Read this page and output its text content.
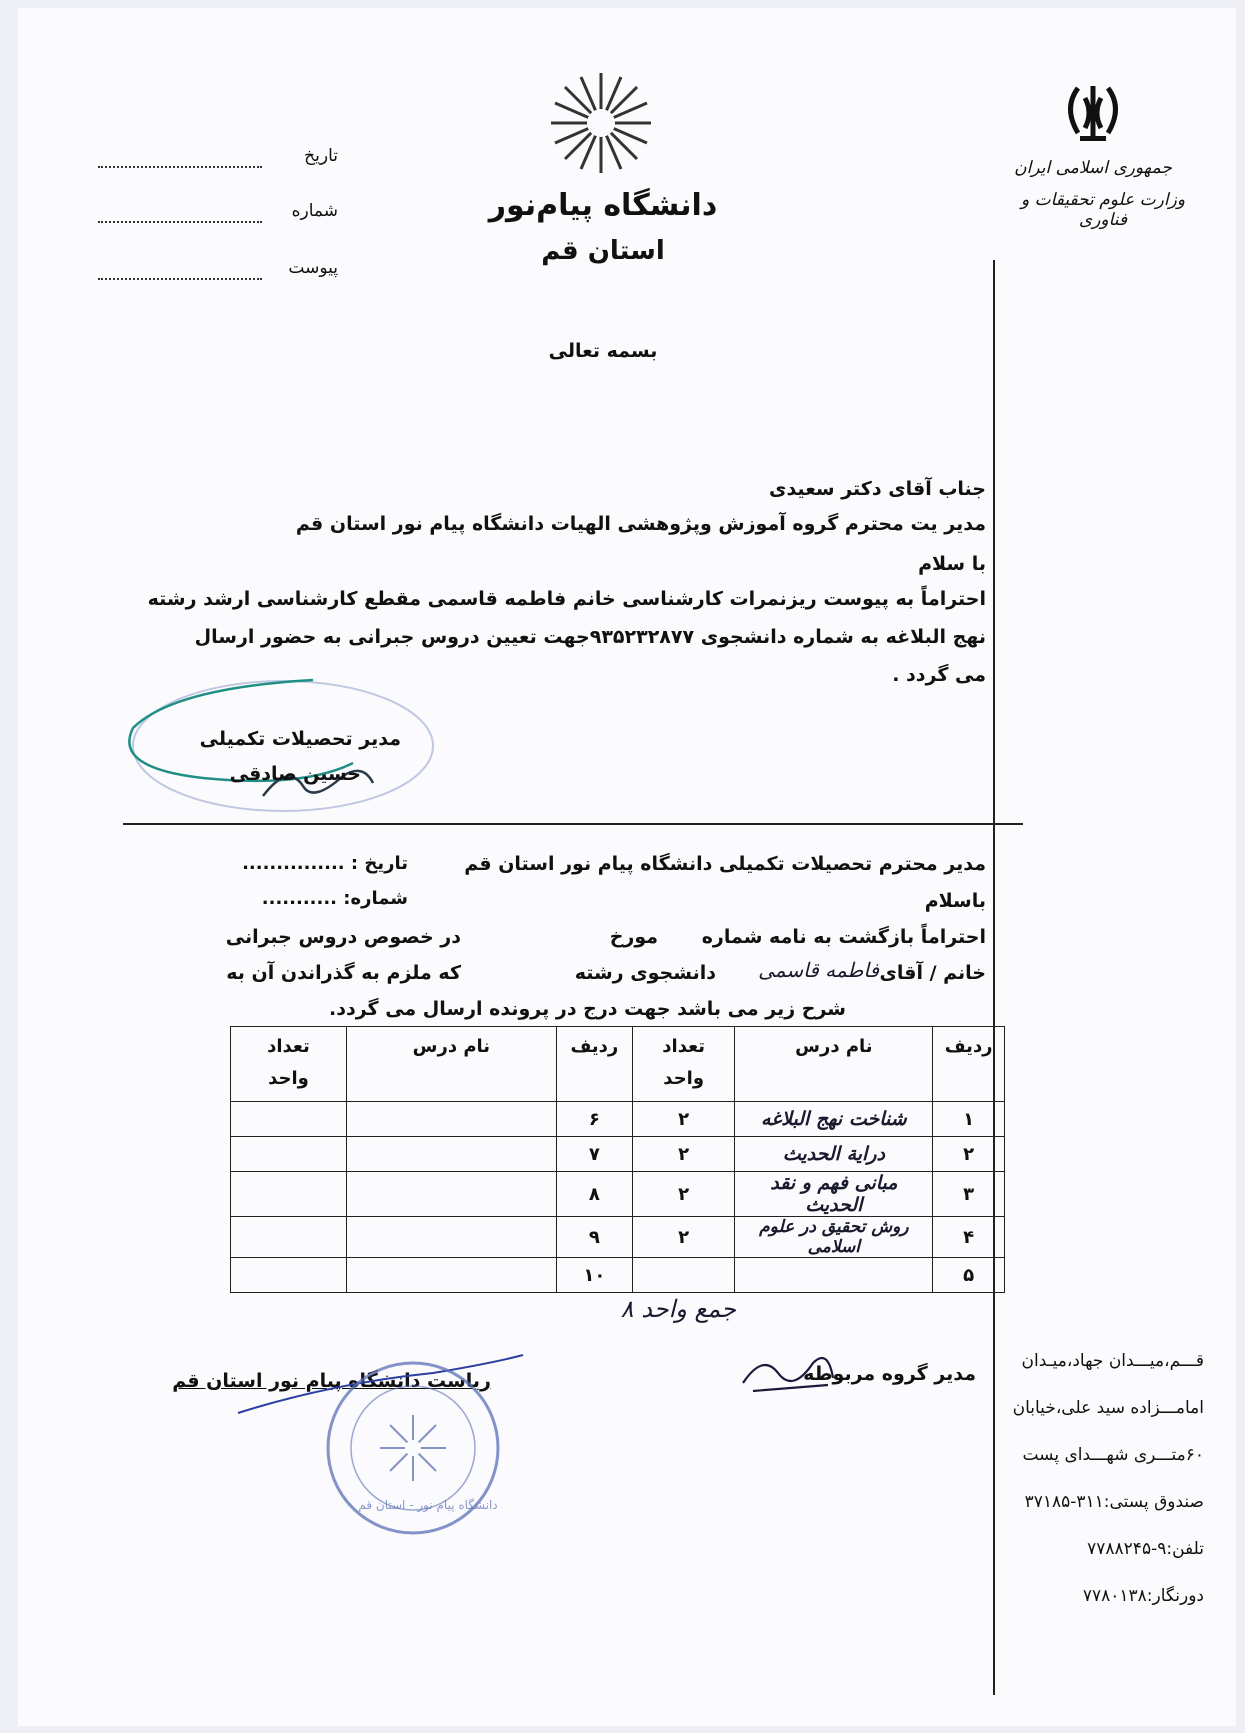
جمهوری اسلامی ایران
وزارت علوم تحقیقات و فناوری
دانشگاه پیام‌نور
استان قم
تاریخ
شماره
پیوست
بسمه تعالی
جناب آقای دکتر سعیدی
مدیر یت محترم گروه آموزش وپژوهشی الهیات دانشگاه پیام نور استان قم
با سلام
احتراماً به پیوست ریزنمرات کارشناسی خانم فاطمه قاسمی مقطع کارشناسی ارشد رشته
نهج البلاغه به شماره دانشجوی ۹۳۵۲۳۲۸۷۷جهت تعیین دروس جبرانی به حضور ارسال
می گردد .
مدیر تحصیلات تکمیلی
حسین صادقی
مدیر محترم تحصیلات تکمیلی دانشگاه پیام نور استان قم
تاریخ : ...............
شماره: ...........	باسلام
احتراماً بازگشت به نامه شماره
مورخ
در خصوص دروس جبرانی
خانم / آقای
فاطمه قاسمی
دانشجوی رشته
که ملزم به گذراندن آن به
شرح زیر می باشد جهت درج در پرونده ارسال می گردد.
ردیف	نام درس	تعداد
واحد	ردیف	نام درس	تعداد
واحد
۱	شناخت نهج البلاغه	۲	۶		
۲	درایة الحدیث	۲	۷		
۳	مبانی فهم و نقد الحدیث	۲	۸		
۴	روش تحقیق در علوم اسلامی	۲	۹		
۵			۱۰		
جمع واحد ۸
مدیر گروه مربوطه
ریاست دانشگاه پیام نور استان قم
دانشگاه پیام نور - استان قم
قـــم،میـــدان جهاد،میـدان
امامـــزاده سید علی،خیابان
۶۰متـــری شهـــدای پست
صندوق پستی:۳۱۱-۳۷۱۸۵
تلفن:۹-۷۷۸۸۲۴۵
دورنگار:۷۷۸۰۱۳۸
